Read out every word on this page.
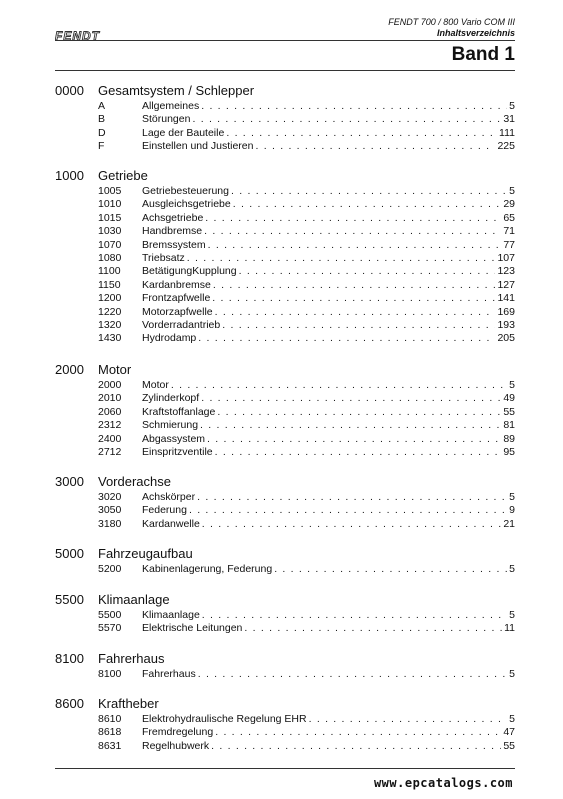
FENDT
FENDT 700 / 800 Vario COM III
Inhaltsverzeichnis
Band 1
0000	Gesamtsystem / Schlepper
A	Allgemeines . . .	5
B	Störungen . . .	31
D	Lage der Bauteile . . .	111
F	Einstellen und Justieren . . .	225
1000	Getriebe
1005	Getriebesteuerung . . .	5
1010	Ausgleichsgetriebe . . .	29
1015	Achsgetriebe . . .	65
1030	Handbremse . . .	71
1070	Bremssystem . . .	77
1080	Triebsatz . . .	107
1100	BetätigungKupplung . . .	123
1150	Kardanbremse . . .	127
1200	Frontzapfwelle . . .	141
1220	Motorzapfwelle . . .	169
1320	Vorderradantrieb . . .	193
1430	Hydrodamp . . .	205
2000	Motor
2000	Motor . . .	5
2010	Zylinderkopf . . .	49
2060	Kraftstoffanlage . . .	55
2312	Schmierung . . .	81
2400	Abgassystem . . .	89
2712	Einspritzventile . . .	95
3000	Vorderachse
3020	Achskörper . . .	5
3050	Federung . . .	9
3180	Kardanwelle . . .	21
5000	Fahrzeugaufbau
5200	Kabinenlagerung, Federung . . .	5
5500	Klimaanlage
5500	Klimaanlage . . .	5
5570	Elektrische Leitungen . . .	11
8100	Fahrerhaus
8100	Fahrerhaus . . .	5
8600	Kraftheber
8610	Elektrohydraulische Regelung EHR . . .	5
8618	Fremdregelung . . .	47
8631	Regelhubwerk . . .	55
www.epcatalogs.com
